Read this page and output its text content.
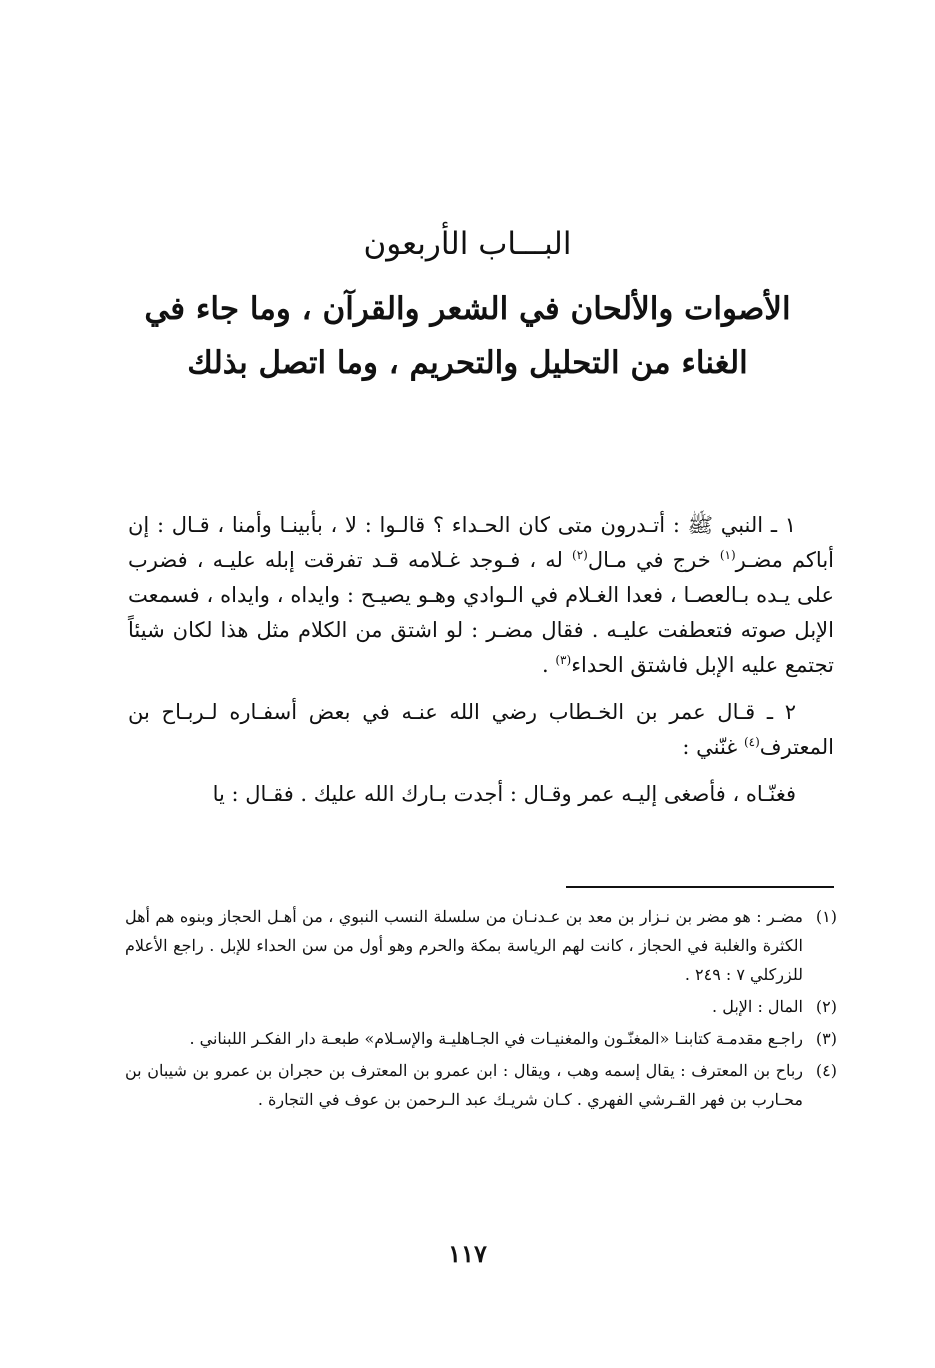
البـــاب الأربعون
الأصوات والألحان في الشعر والقرآن ، وما جاء في الغناء من التحليل والتحريم ، وما اتصل بذلك

١ ـ النبي ﷺ : أتـدرون متى كان الحـداء ؟ قالـوا : لا ، بأبينـا وأمنا ، قـال : إن أباكم مضـر$^{(١)}$ خرج في مـال$^{(٢)}$ له ، فـوجد غـلامه قـد تفرقت إبله عليـه ، فضرب على يـده بـالعصـا ، فعدا الغـلام في الـوادي وهـو يصيـح : وايداه ، وايداه ، فسمعت الإبل صوته فتعطفت عليـه . فقال مضـر : لو اشتق من الكلام مثل هذا لكان شيئاً تجتمع عليه الإبل فاشتق الحداء$^{(٣)}$ .

٢ ـ قـال عمر بن الخـطاب رضي الله عنـه في بعض أسفـاره لـربـاح بن المعترف$^{(٤)}$ غنّني :

فغنّـاه ، فأصغى إليـه عمر وقـال : أجدت بـارك الله عليك . فقـال : يا

(١)مضـر : هو مضر بن نـزار بن معد بن عـدنـان من سلسلة النسب النبوي ، من أهـل الحجاز وبنوه هم أهل الكثرة والغلبة في الحجاز ، كانت لهم الرياسة بمكة والحرم وهو أول من سن الحداء للإبل . راجع الأعلام للزركلي ٧ : ٢٤٩ .
(٢)المال : الإبل .
(٣)راجـع مقدمـة كتابنـا «المغنّـون والمغنيـات في الجـاهليـة والإسـلام» طبعـة دار الفكـر اللبناني .
(٤)رباح بن المعترف : يقال إسمه وهب ، ويقال : ابن عمرو بن المعترف بن حجران بن عمرو بن شيبان بن محـارب بن فهر القـرشي الفهري . كـان شريـك عبد الـرحمن بن عوف في التجارة .
١١٧
